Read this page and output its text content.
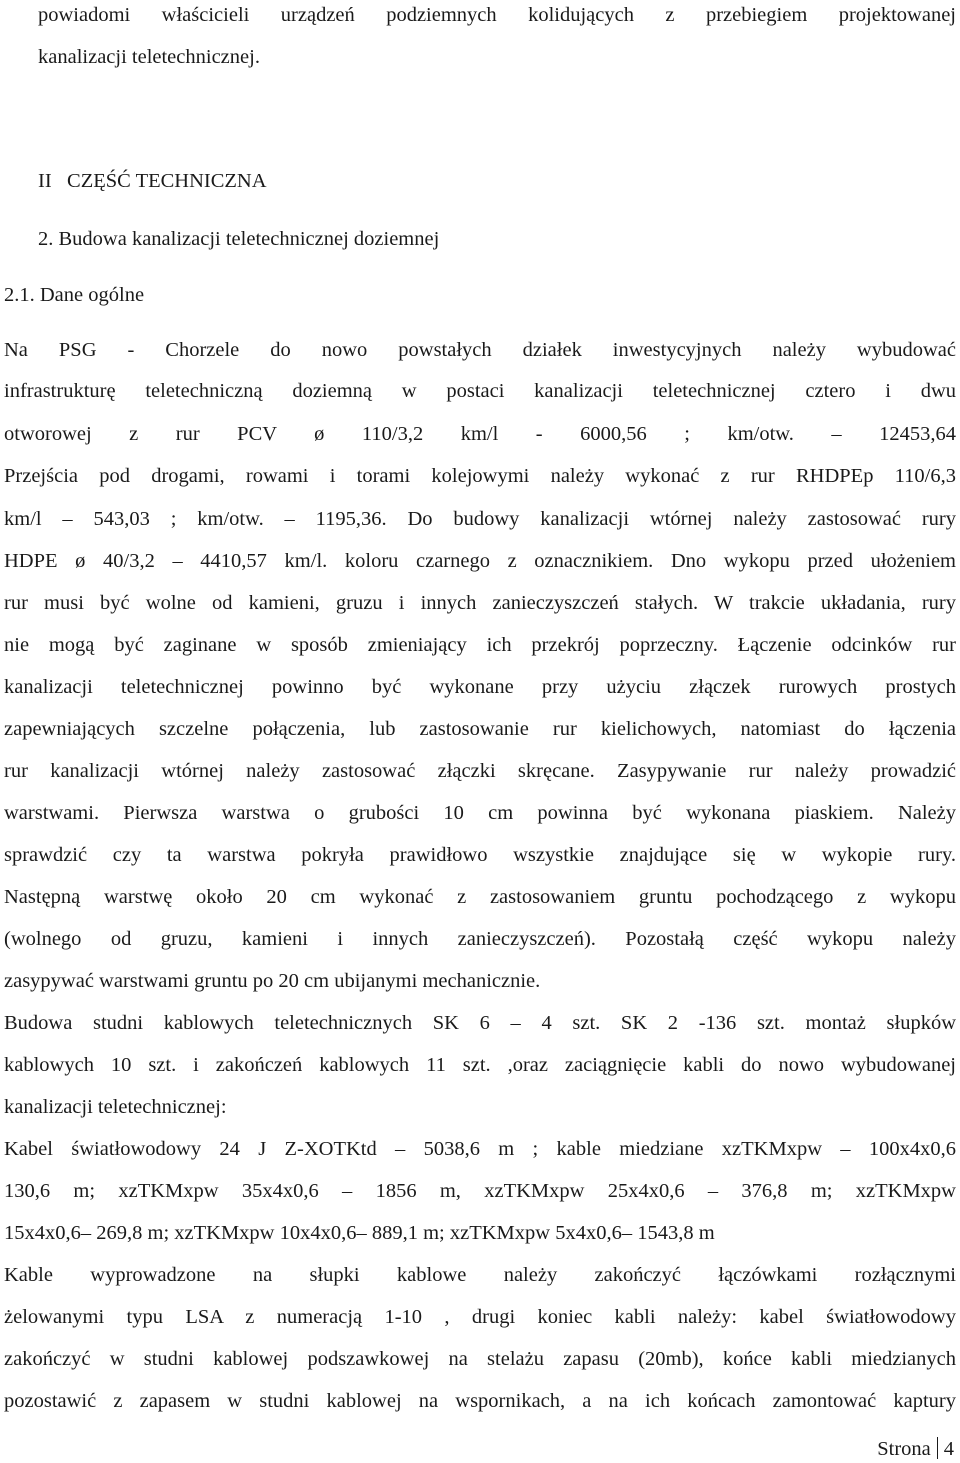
powiadomi właścicieli urządzeń podziemnych kolidujących z przebiegiem projektowanej
kanalizacji teletechnicznej.
II   CZĘŚĆ TECHNICZNA
2. Budowa kanalizacji teletechnicznej doziemnej
2.1. Dane ogólne
Na PSG - Chorzele do nowo powstałych działek inwestycyjnych należy wybudować
infrastrukturę teletechniczną doziemną w postaci kanalizacji teletechnicznej cztero i dwu
otworowej z rur PCV ø 110/3,2 km/l - 6000,56 ; km/otw. – 12453,64
Przejścia pod drogami, rowami i torami kolejowymi należy wykonać z rur RHDPEp 110/6,3
km/l – 543,03 ; km/otw. – 1195,36. Do budowy kanalizacji wtórnej należy zastosować rury
HDPE ø 40/3,2 – 4410,57 km/l. koloru czarnego z oznacznikiem. Dno wykopu przed ułożeniem
rur musi być wolne od kamieni, gruzu i innych zanieczyszczeń stałych. W trakcie układania, rury
nie mogą być zaginane w sposób zmieniający ich przekrój poprzeczny. Łączenie odcinków rur
kanalizacji teletechnicznej powinno być wykonane przy użyciu złączek rurowych prostych
zapewniających szczelne połączenia, lub zastosowanie rur kielichowych, natomiast do łączenia
rur kanalizacji wtórnej należy zastosować złączki skręcane. Zasypywanie rur należy prowadzić
warstwami. Pierwsza warstwa o grubości 10 cm powinna być wykonana piaskiem. Należy
sprawdzić czy ta warstwa pokryła prawidłowo wszystkie znajdujące się w wykopie rury.
Następną warstwę około 20 cm wykonać z zastosowaniem gruntu pochodzącego z wykopu
(wolnego od gruzu, kamieni i innych zanieczyszczeń). Pozostałą część wykopu należy
zasypywać warstwami gruntu po 20 cm ubijanymi mechanicznie.
Budowa studni kablowych teletechnicznych SK 6 – 4 szt. SK 2 -136 szt. montaż słupków
kablowych 10 szt. i zakończeń kablowych 11 szt. ,oraz zaciągnięcie kabli do nowo wybudowanej
kanalizacji teletechnicznej:
Kabel światłowodowy 24 J Z-XOTKtd – 5038,6 m ; kable miedziane xzTKMxpw – 100x4x0,6
130,6 m; xzTKMxpw 35x4x0,6 – 1856 m, xzTKMxpw 25x4x0,6 – 376,8 m; xzTKMxpw
15x4x0,6– 269,8 m; xzTKMxpw 10x4x0,6– 889,1 m; xzTKMxpw 5x4x0,6– 1543,8 m
Kable wyprowadzone na słupki kablowe należy zakończyć łączówkami rozłącznymi
żelowanymi typu LSA z numeracją 1-10 , drugi koniec kabli należy: kabel światłowodowy
zakończyć w studni kablowej podszawkowej na stelażu zapasu (20mb), końce kabli miedzianych
pozostawić z zapasem w studni kablowej na wspornikach, a na ich końcach zamontować kaptury
Strona 4
